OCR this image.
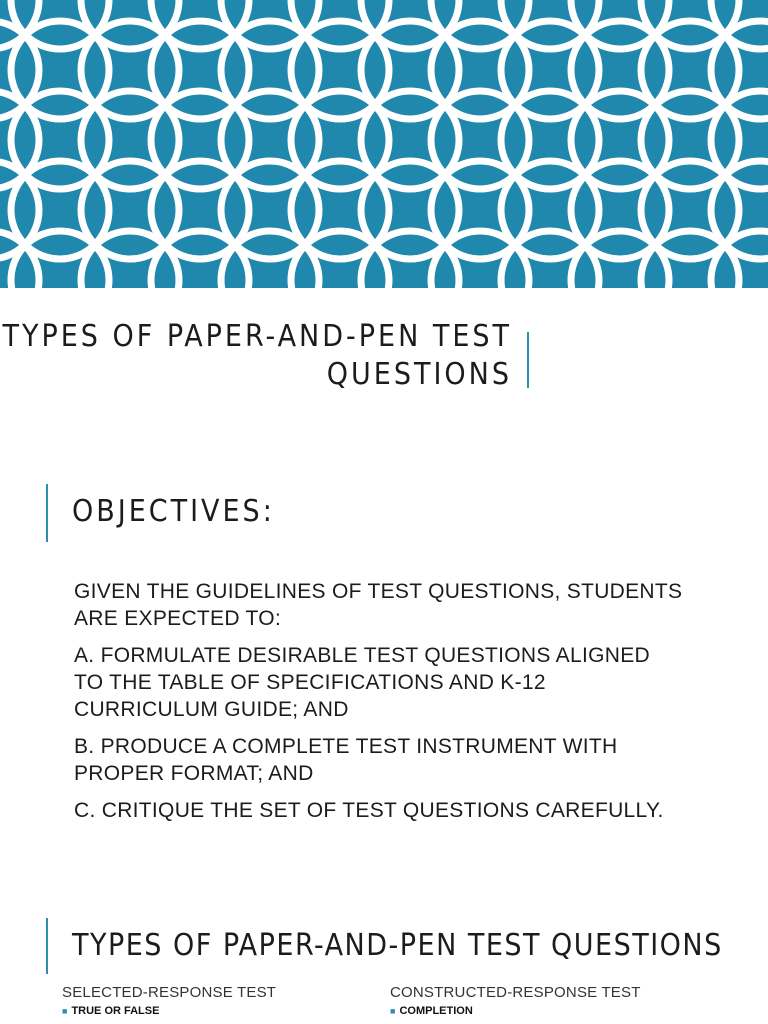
TYPES OF PAPER-AND-PEN TEST
QUESTIONS
OBJECTIVES:

GIVEN THE GUIDELINES OF TEST QUESTIONS, STUDENTS ARE EXPECTED TO:

A. FORMULATE DESIRABLE TEST QUESTIONS ALIGNED TO THE TABLE OF SPECIFICATIONS AND K-12 CURRICULUM GUIDE; AND

B. PRODUCE A COMPLETE TEST INSTRUMENT WITH PROPER FORMAT; AND

C. CRITIQUE THE SET OF TEST QUESTIONS CAREFULLY.

TYPES OF PAPER-AND-PEN TEST QUESTIONS
SELECTED-RESPONSE TEST
■ TRUE OR FALSE
CONSTRUCTED-RESPONSE TEST
■ COMPLETION
